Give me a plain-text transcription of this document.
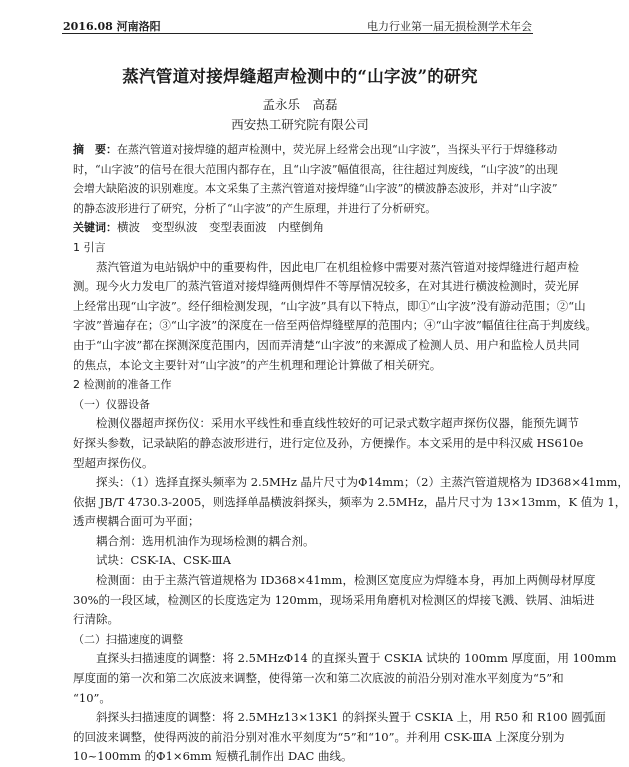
2016.08 河南洛阳	电力行业第一届无损检测学术年会
蒸汽管道对接焊缝超声检测中的“山字波”的研究
孟永乐　高磊
西安热工研究院有限公司
摘　要：在蒸汽管道对接焊缝的超声检测中，荧光屏上经常会出现“山字波”，当探头平行于焊缝移动
时，“山字波”的信号在很大范围内都存在，且“山字波”幅值很高，往往超过判废线，“山字波”的出现
会增大缺陷波的识别难度。本文采集了主蒸汽管道对接焊缝“山字波”的横波静态波形，并对“山字波”
的静态波形进行了研究，分析了“山字波”的产生原理，并进行了分析研究。
关键词：横波　变型纵波　变型表面波　内壁倒角
1 引言
蒸汽管道为电站锅炉中的重要构件，因此电厂在机组检修中需要对蒸汽管道对接焊缝进行超声检
测。现今火力发电厂的蒸汽管道对接焊缝两侧焊件不等厚情况较多，在对其进行横波检测时，荧光屏
上经常出现“山字波”。经仔细检测发现，“山字波”具有以下特点，即①“山字波”没有游动范围；②“山
字波”普遍存在；③“山字波”的深度在一倍至两倍焊缝壁厚的范围内；④“山字波”幅值往往高于判废线。
由于“山字波”都在探测深度范围内，因而弄清楚“山字波”的来源成了检测人员、用户和监检人员共同
的焦点，本论文主要针对“山字波”的产生机理和理论计算做了相关研究。
2 检测前的准备工作
（一）仪器设备
检测仪器超声探伤仪：采用水平线性和垂直线性较好的可记录式数字超声探伤仪器，能预先调节
好探头参数，记录缺陷的静态波形进行，进行定位及孙，方便操作。本文采用的是中科汉威 HS610e
型超声探伤仪。
探头：（1）选择直探头频率为 2.5MHz 晶片尺寸为Φ14mm；（2）主蒸汽管道规格为 ID368×41mm，
依据 JB/T 4730.3-2005，则选择单晶横波斜探头，频率为 2.5MHz，晶片尺寸为 13×13mm，K 值为 1，
透声楔耦合面可为平面；
耦合剂：选用机油作为现场检测的耦合剂。
试块：CSK-ⅠA、CSK-ⅢA
检测面：由于主蒸汽管道规格为 ID368×41mm，检测区宽度应为焊缝本身，再加上两侧母材厚度
30%的一段区域，检测区的长度选定为 120mm，现场采用角磨机对检测区的焊接飞溅、铁屑、油垢进
行清除。
（二）扫描速度的调整
直探头扫描速度的调整：将 2.5MHzΦ14 的直探头置于 CSKⅠA 试块的 100mm 厚度面，用 100mm
厚度面的第一次和第二次底波来调整，使得第一次和第二次底波的前沿分别对准水平刻度为“5”和
“10”。
斜探头扫描速度的调整：将 2.5MHz13×13K1 的斜探头置于 CSKⅠA 上，用 R50 和 R100 圆弧面
的回波来调整，使得两波的前沿分别对准水平刻度为“5”和“10”。并利用 CSK-ⅢA 上深度分别为
10~100mm 的Φ1×6mm 短横孔制作出 DAC 曲线。
